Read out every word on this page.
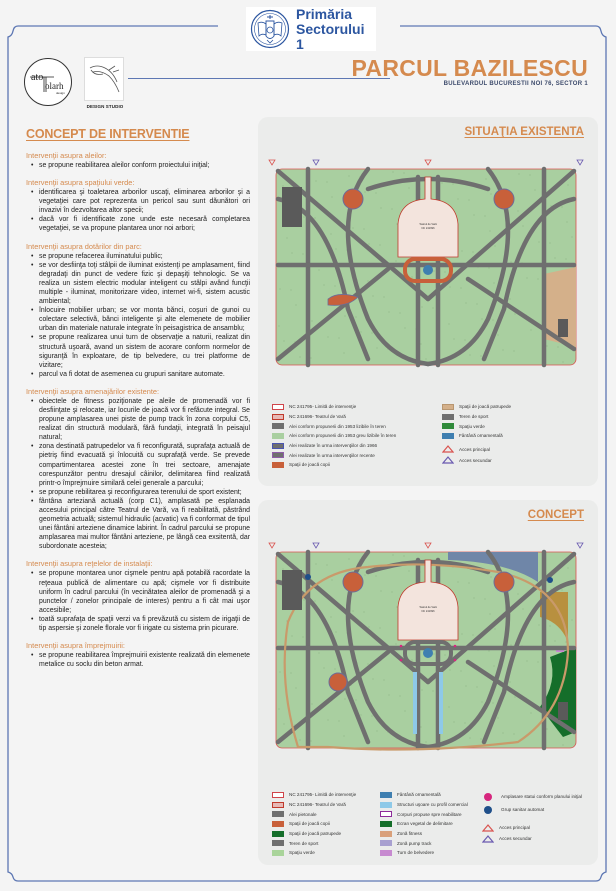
Primăria
Sectorului 1
ato
olarh
design
DESIGN STUDIO
PARCUL BAZILESCU
BULEVARDUL BUCURESTII NOI 76, SECTOR 1
CONCEPT DE INTERVENTIE
Intervenţii asupra aleilor:
• se propune reabilitarea aleilor conform proiectului iniţial;
Intervenţii asupra spaţiului verde:
• identificarea şi toaletarea arborilor uscaţi, eliminarea arborilor şi a vegetaţiei care pot reprezenta un pericol sau sunt dăunători ori invazivi în dezvoltarea altor specii;
• dacă vor fi identificate zone unde este necesară completarea vegetaţiei, se va propune plantarea unor noi arbori;
Intervenţii asupra dotărilor din parc:
• se propune refacerea iluminatului public;
• se vor desfiinţa toţi stâlpii de iluminat existenţi pe amplasament, fiind degradaţi din punct de vedere fizic şi depaşiţi tehnologic. Se va realiza un sistem electric modular inteligent cu stâlpi având funcţii multiple - iluminat, monitorizare video, internet wi-fi, sistem acustic ambiental;
• înlocuire mobilier urban; se vor monta bănci, coşuri de gunoi cu colectare selectivă, bănci inteligente şi alte elemenete de mobilier urban din materiale naturale integrate în peisagistrica de ansamblu;
• se propune realizarea unui turn de observaţie a naturii, realizat din structură uşoară, avand un sistem de acorare conform normelor de siguranţă în exploatare, de tip belvedere, cu trei platforme de vizitare;
• parcul va fi dotat de asemenea cu grupuri sanitare automate.
Intervenţii asupra amenajărilor existente:
• obiectele de fitness poziţionate pe aleile de promenadă vor fi desfiinţate şi relocate, iar locurile de joacă vor fi refăcute integral. Se propune amplasarea unei piste de pump track în zona corpului C5, realizat din structură modulară, fără fundaţii, integrată în peisajul natural;
• zona destinată patrupedelor va fi reconfigurată, suprafaţa actuală de pietriş fiind evacuată şi înlocuită cu suprafaţă verde. Se prevede compartimentarea acestei zone în trei sectoare, amenajate corespunzător pentru dresajul câinilor, delimitarea fiind realizată printr-o împrejmuire similară celei generale a parcului;
• se propune rebilitarea şi reconfigurarea terenului de sport existent;
• fântâna arteziană actuală (corp C1), amplasată pe esplanada accesului principal către Teatrul de Vară, va fi reabilitată, păstrând geometria actuală; sistemul hidraulic (acvatic) va fi conformat de tipul unei fântâni arteziene dinamice labirint. În cadrul parcului se propune amplasarea mai multor fântâni arteziene, pe lângă cea exsitentă, dar subordonate acesteia;
Intervenţii asupra reţelelor de instalaţii:
• se propune montarea unor cişmele pentru apă potabilă racordate la reţeaua publică de alimentare cu apă; cişmele vor fi distribuite uniform în cadrul parcului (în vecinătatea aleilor de promenadă şi a punctelor / zonelor principale de interes) pentru a fi cât mai uşor accesibile;
• toată suprafaţa de spaţii verzi va fi prevăzută cu sistem de irigaţii de tip aspersie şi zonele florale vor fi irigate cu sistema prin picurare.
Intervenţii asupra împrejmuirii:
• se propune reabilitarea împrejmuirii existente realizată din elemenete metalice cu soclu din beton armat.
SITUAŢIA EXISTENTA
Teatrul de Vară
NC 241696
NC 241795- Limită de intervenţie
NC 241696- Teatrul de Vară
Alei conform propunerii din 1953 lizibile în teren
Alei conform propunerii din 1953 greu lizibile în teren
Alei realizate în urma intervenţiilor din 1966
Alei realizate în urma intervenţiilor recente
Spaţii de joacă copii
Spaţii de joacă patrupede
Teren de sport
Spaţiu verde
Fântână ornamentală
Acces principal
Acces secundar
CONCEPT
Teatrul de Vară
NC 241696
NC 241795- Limită de intervenţie
NC 241696- Teatrul de Vară
Alei pietonale
Spaţii de joacă copii
Spaţii de joacă patrupede
Teren de sport
Spaţiu verde
Fântână ornamentală
Structuri uşoare cu profil comercial
Corpuri propuse spre reabilitare
Ecran vegetal de delimitare
Zonă fitness
Zonă pump track
Turn de belvedere
Amplasare statui conform planului iniţial
Grup sanitar automat
Acces principal
Acces secundar
